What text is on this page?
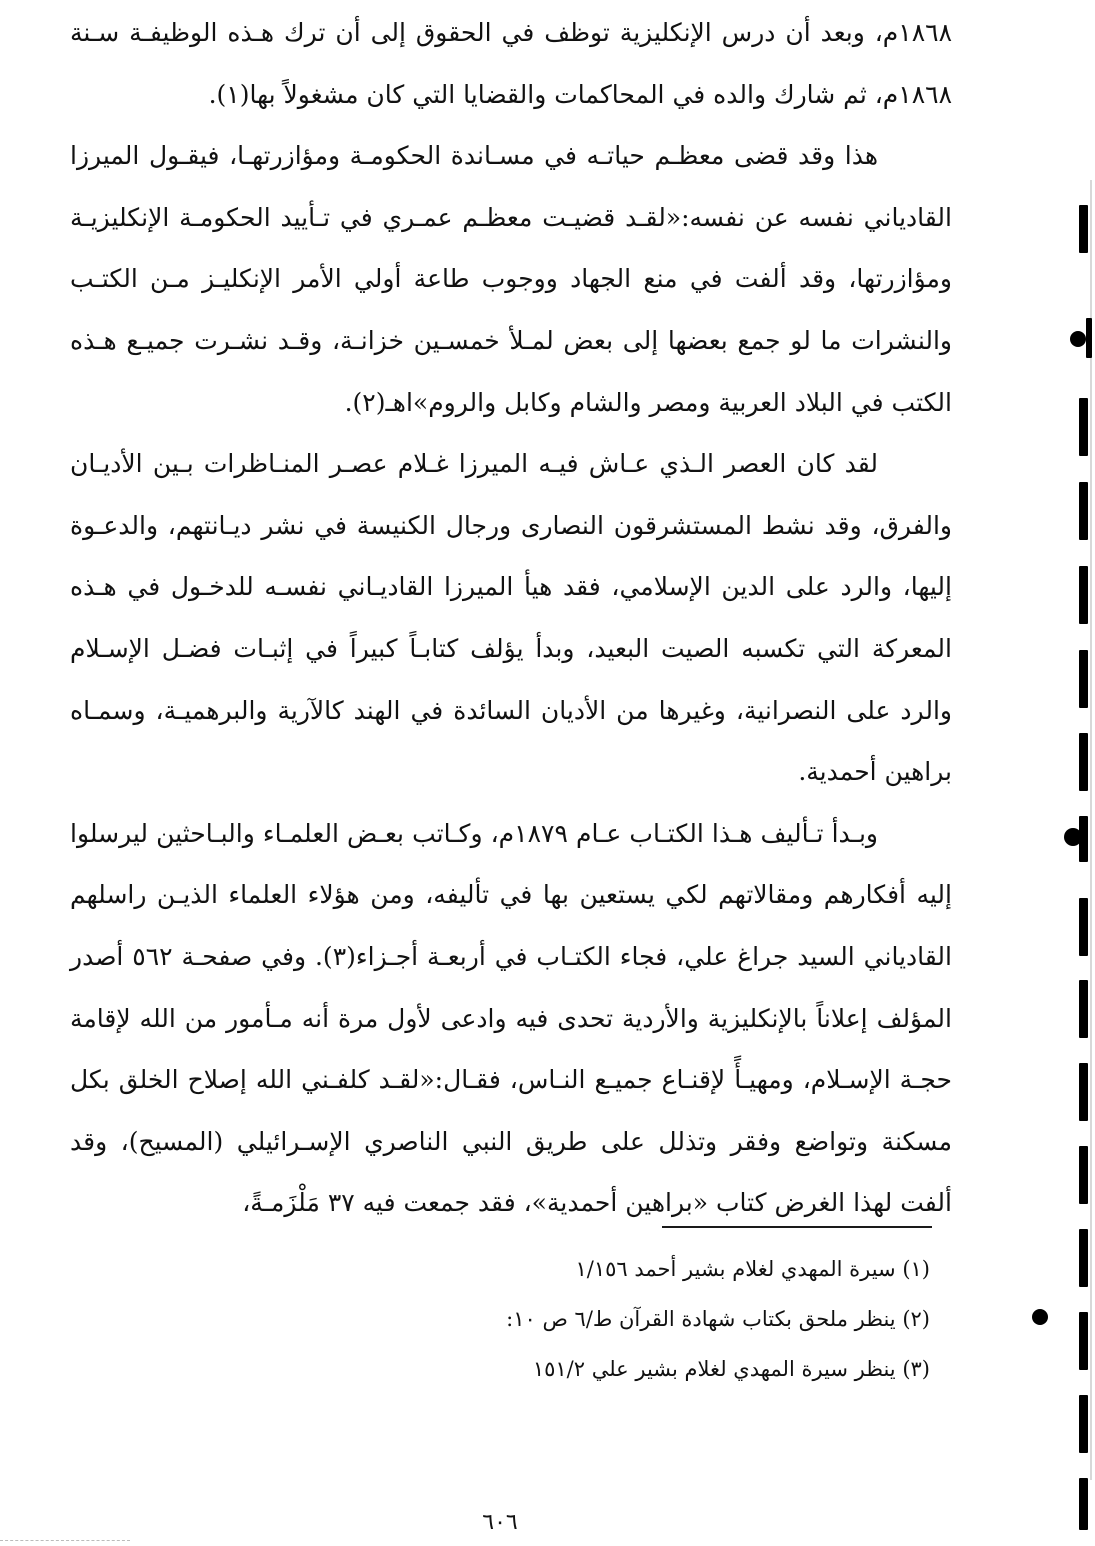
١٨٦٨م، وبعد أن درس الإنكليزية توظف في الحقوق إلى أن ترك هـذه الوظيفـة سـنة ١٨٦٨م، ثم شارك والده في المحاكمات والقضايا التي كان مشغولاً بها(١).

هذا وقد قضى معظـم حياتـه في مسـاندة الحكومـة ومؤازرتهـا، فيقـول الميرزا القادياني نفسه عن نفسه:«لقـد قضيـت معظـم عمـري في تـأييد الحكومـة الإنكليزيـة ومؤازرتها، وقد ألفت في منع الجهاد ووجوب طاعة أولي الأمر الإنكليـز مـن الكتـب والنشرات ما لو جمع بعضها إلى بعض لمـلأ خمسـين خزانـة، وقـد نشـرت جميـع هـذه الكتب في البلاد العربية ومصر والشام وكابل والروم»اهـ(٢).

لقد كان العصر الـذي عـاش فيـه الميرزا غـلام عصـر المنـاظرات بـين الأديـان والفرق، وقد نشط المستشرقون النصارى ورجال الكنيسة في نشر ديـانتهم، والدعـوة إليها، والرد على الدين الإسلامي، فقد هيأ الميرزا القاديـاني نفسـه للدخـول في هـذه المعركة التي تكسبه الصيت البعيد، وبدأ يؤلف كتابـاً كبيراً في إثبـات فضـل الإسـلام والرد على النصرانية، وغيرها من الأديان السائدة في الهند كالآرية والبرهميـة، وسمـاه براهين أحمدية.

وبـدأ تـأليف هـذا الكتـاب عـام ١٨٧٩م، وكـاتب بعـض العلمـاء والبـاحثين ليرسلوا إليه أفكارهم ومقالاتهم لكي يستعين بها في تأليفه، ومن هؤلاء العلماء الذيـن راسلهم القادياني السيد جراغ علي، فجاء الكتـاب في أربعـة أجـزاء(٣). وفي صفحـة ٥٦٢ أصدر المؤلف إعلاناً بالإنكليزية والأردية تحدى فيه وادعى لأول مرة أنه مـأمور من الله لإقامة حجـة الإسـلام، ومهيـأً لإقنـاع جميـع النـاس، فقـال:«لقـد كلفـني الله إصلاح الخلق بكل مسكنة وتواضع وفقر وتذلل على طريق النبي الناصري الإسـرائيلي (المسيح)، وقد ألفت لهذا الغرض كتاب «براهين أحمدية»، فقد جمعت فيه ٣٧ مَلْزَمـةً،

(١) سيرة المهدي لغلام بشير أحمد ١/١٥٦

(٢) ينظر ملحق بكتاب شهادة القرآن ط/٦ ص ١٠:

(٣) ينظر سيرة المهدي لغلام بشير علي ١٥١/٢

٦٠٦
